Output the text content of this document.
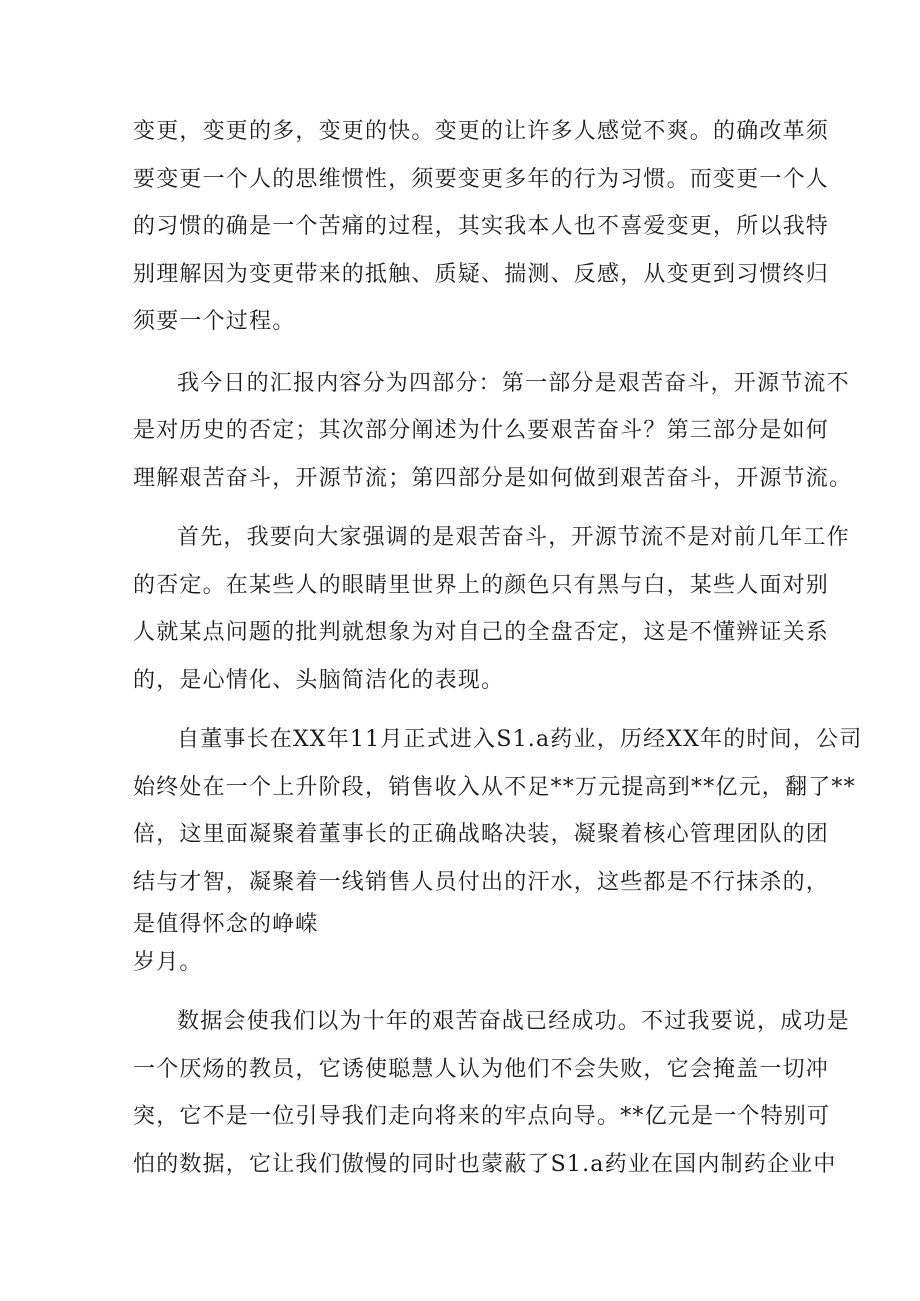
变更，变更的多，变更的快。变更的让许多人感觉不爽。的确改革须
要变更一个人的思维惯性，须要变更多年的行为习惯。而变更一个人
的习惯的确是一个苦痛的过程，其实我本人也不喜爱变更，所以我特
别理解因为变更带来的抵触、质疑、揣测、反感，从变更到习惯终归
须要一个过程。
我今日的汇报内容分为四部分：第一部分是艰苦奋斗，开源节流不
是对历史的否定；其次部分阐述为什么要艰苦奋斗？第三部分是如何
理解艰苦奋斗，开源节流；第四部分是如何做到艰苦奋斗，开源节流。
首先，我要向大家强调的是艰苦奋斗，开源节流不是对前几年工作
的否定。在某些人的眼睛里世界上的颜色只有黑与白，某些人面对别
人就某点问题的批判就想象为对自己的全盘否定，这是不懂辨证关系
的，是心情化、头脑简洁化的表现。
自董事长在XX年11月正式进入S1.a药业，历经XX年的时间，公司
始终处在一个上升阶段，销售收入从不足**万元提高到**亿元，翻了**
倍，这里面凝聚着董事长的正确战略决装，凝聚着核心管理团队的团
结与才智，凝聚着一线销售人员付出的汗水，这些都是不行抹杀的，
是值得怀念的峥嵘
岁月。
数据会使我们以为十年的艰苦奋战已经成功。不过我要说，成功是
一个厌炀的教员，它诱使聪慧人认为他们不会失败，它会掩盖一切冲
突，它不是一位引导我们走向将来的牢点向导。**亿元是一个特别可
怕的数据，它让我们傲慢的同时也蒙蔽了S1.a药业在国内制药企业中
